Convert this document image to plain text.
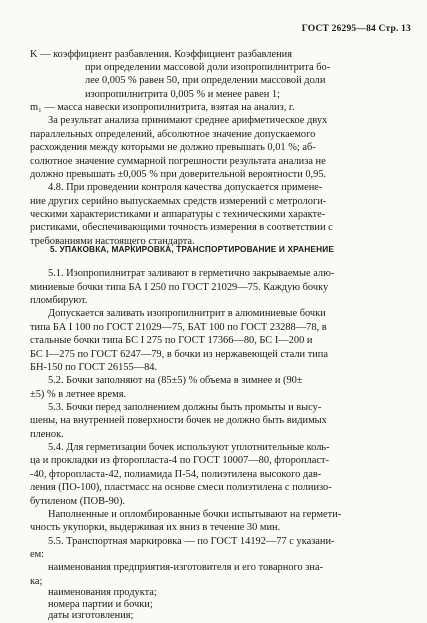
ГОСТ 26295—84 Стр. 13
K — коэффициент разбавления. Коэффициент разбавления
при определении массовой доли изопропилнитрита бо-
лее 0,005 % равен 50, при определении массовой доли
изопропилнитрита 0,005 % и менее равен 1;
m₁ — масса навески изопропилнитрита, взятая на анализ, г.
За результат анализа принимают среднее арифметическое двух
параллельных определений, абсолютное значение допускаемого
расхождения между которыми не должно превышать 0,01 %; аб-
солютное значение суммарной погрешности результата анализа не
должно превышать ±0,005 % при доверительной вероятности 0,95.
4.8. При проведении контроля качества допускается примене-
ние других серийно выпускаемых средств измерений с метрологи-
ческими характеристиками и аппаратуры с техническими характе-
ристиками, обеспечивающими точность измерения в соответствии с
требованиями настоящего стандарта.
5. УПАКОВКА, МАРКИРОВКА, ТРАНСПОРТИРОВАНИЕ И ХРАНЕНИЕ
5.1. Изопропилнитрат заливают в герметично закрываемые алю-
миниевые бочки типа БА I 250 по ГОСТ 21029—75. Каждую бочку
пломбируют.
Допускается заливать изопропилнитрит в алюминиевые бочки
типа БА I 100 по ГОСТ 21029—75, БАТ 100 по ГОСТ 23288—78, в
стальные бочки типа БС I 275 по ГОСТ 17366—80, БС I—200 и
БС I—275 по ГОСТ 6247—79, в бочки из нержавеющей стали типа
БН-150 по ГОСТ 26155—84.
5.2. Бочки заполняют на (85±5) % объема в зимнее и (90±
±5) % в летнее время.
5.3. Бочки перед заполнением должны быть промыты и высу-
шены, на внутренней поверхности бочек не должно быть видимых
пленок.
5.4. Для герметизации бочек используют уплотнительные коль-
ца и прокладки из фторопласта-4 по ГОСТ 10007—80, фторопласт-
-40, фторопласта-42, полиамида П-54, полиэтилена высокого дав-
ления (ПО-100), пластмасс на основе смеси полиэтилена с полиизо-
бутиленом (ПОВ-90).
Наполненные и опломбированные бочки испытывают на гермети-
чность укупорки, выдерживая их вниз в течение 30 мин.
5.5. Транспортная маркировка — по ГОСТ 14192—77 с указани-
ем:
наименования предприятия-изготовителя и его товарного зна-
ка;
наименования продукта;
номера партии и бочки;
даты изготовления;
